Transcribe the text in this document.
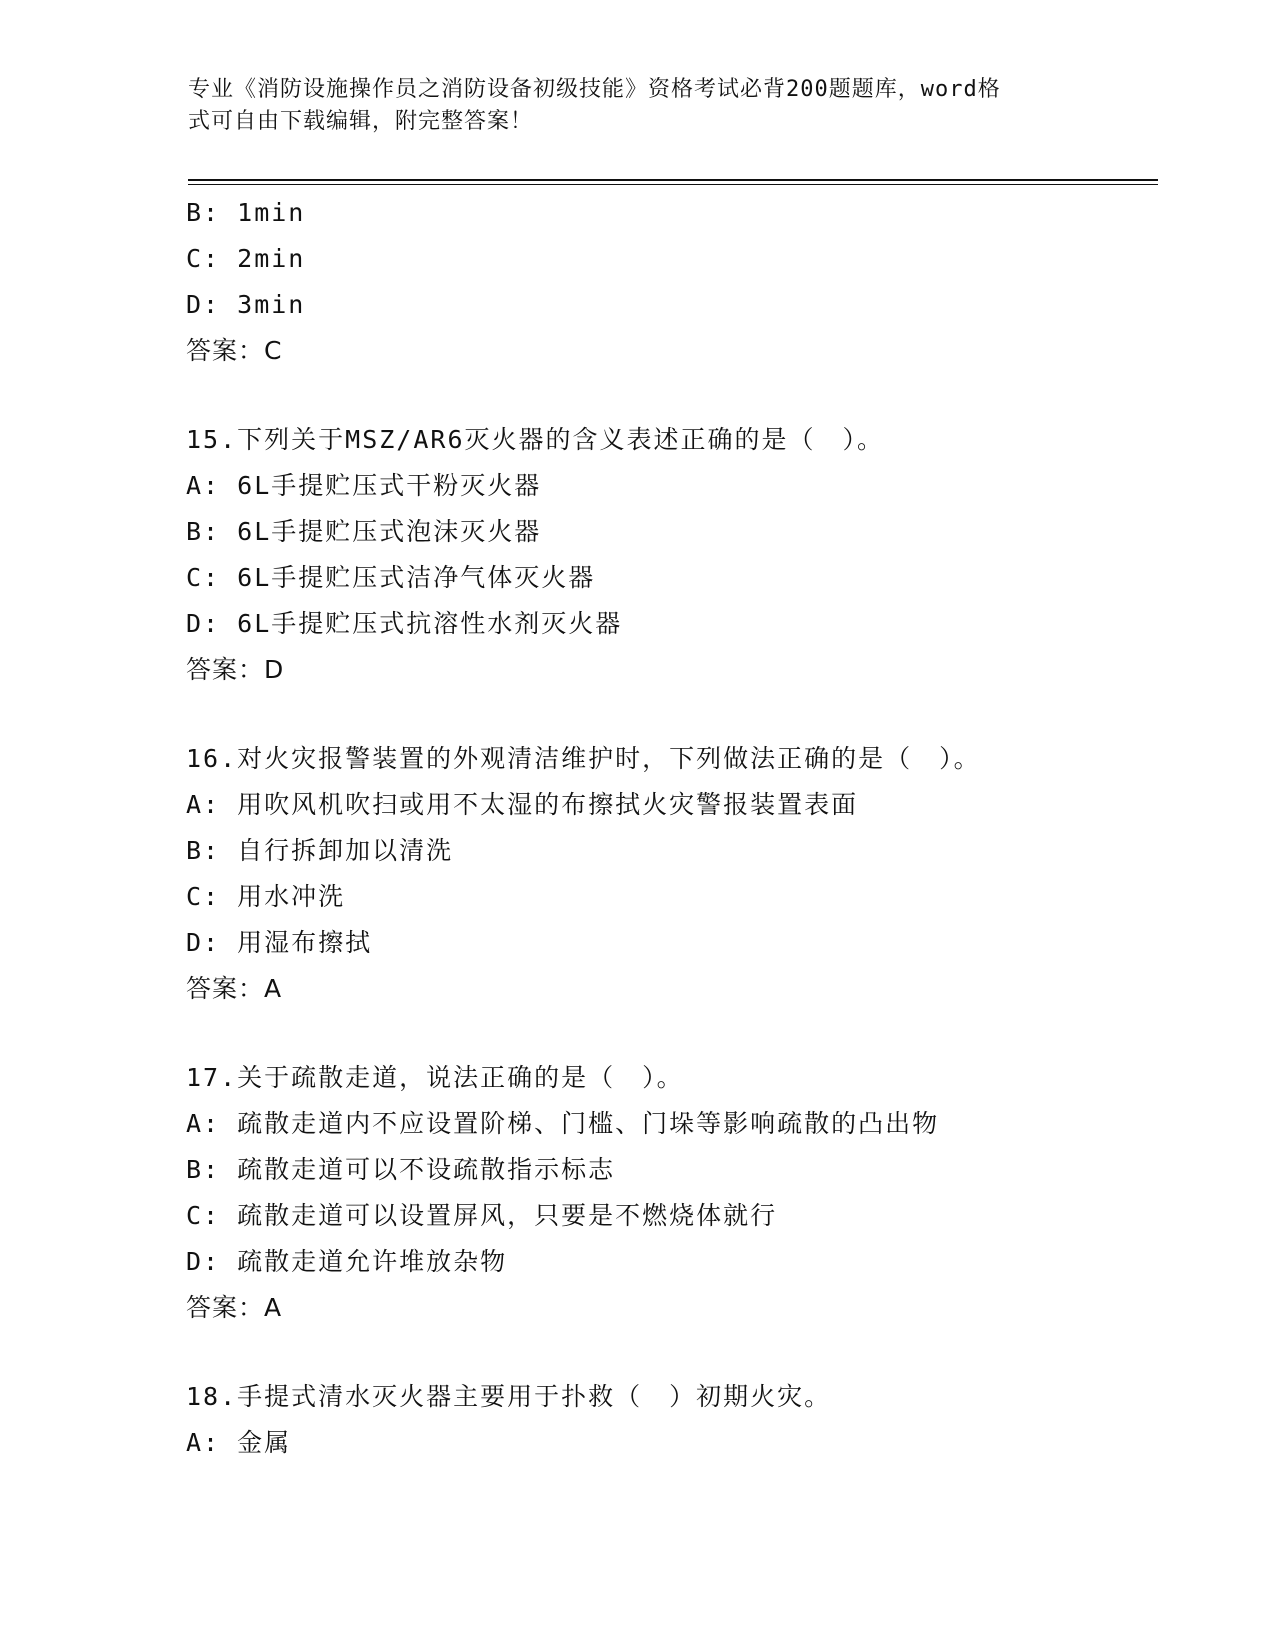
专业《消防设施操作员之消防设备初级技能》资格考试必背200题题库，word格
式可自由下载编辑，附完整答案！
B: 1min
C: 2min
D: 3min
答案：C
15.下列关于MSZ/AR6灭火器的含义表述正确的是（　）。
A: 6L手提贮压式干粉灭火器
B: 6L手提贮压式泡沫灭火器
C: 6L手提贮压式洁净气体灭火器
D: 6L手提贮压式抗溶性水剂灭火器
答案：D
16.对火灾报警装置的外观清洁维护时，下列做法正确的是（　）。
A: 用吹风机吹扫或用不太湿的布擦拭火灾警报装置表面
B: 自行拆卸加以清洗
C: 用水冲洗
D: 用湿布擦拭
答案：A
17.关于疏散走道，说法正确的是（　）。
A: 疏散走道内不应设置阶梯、门槛、门垛等影响疏散的凸出物
B: 疏散走道可以不设疏散指示标志
C: 疏散走道可以设置屏风，只要是不燃烧体就行
D: 疏散走道允许堆放杂物
答案：A
18.手提式清水灭火器主要用于扑救（　）初期火灾。
A: 金属
